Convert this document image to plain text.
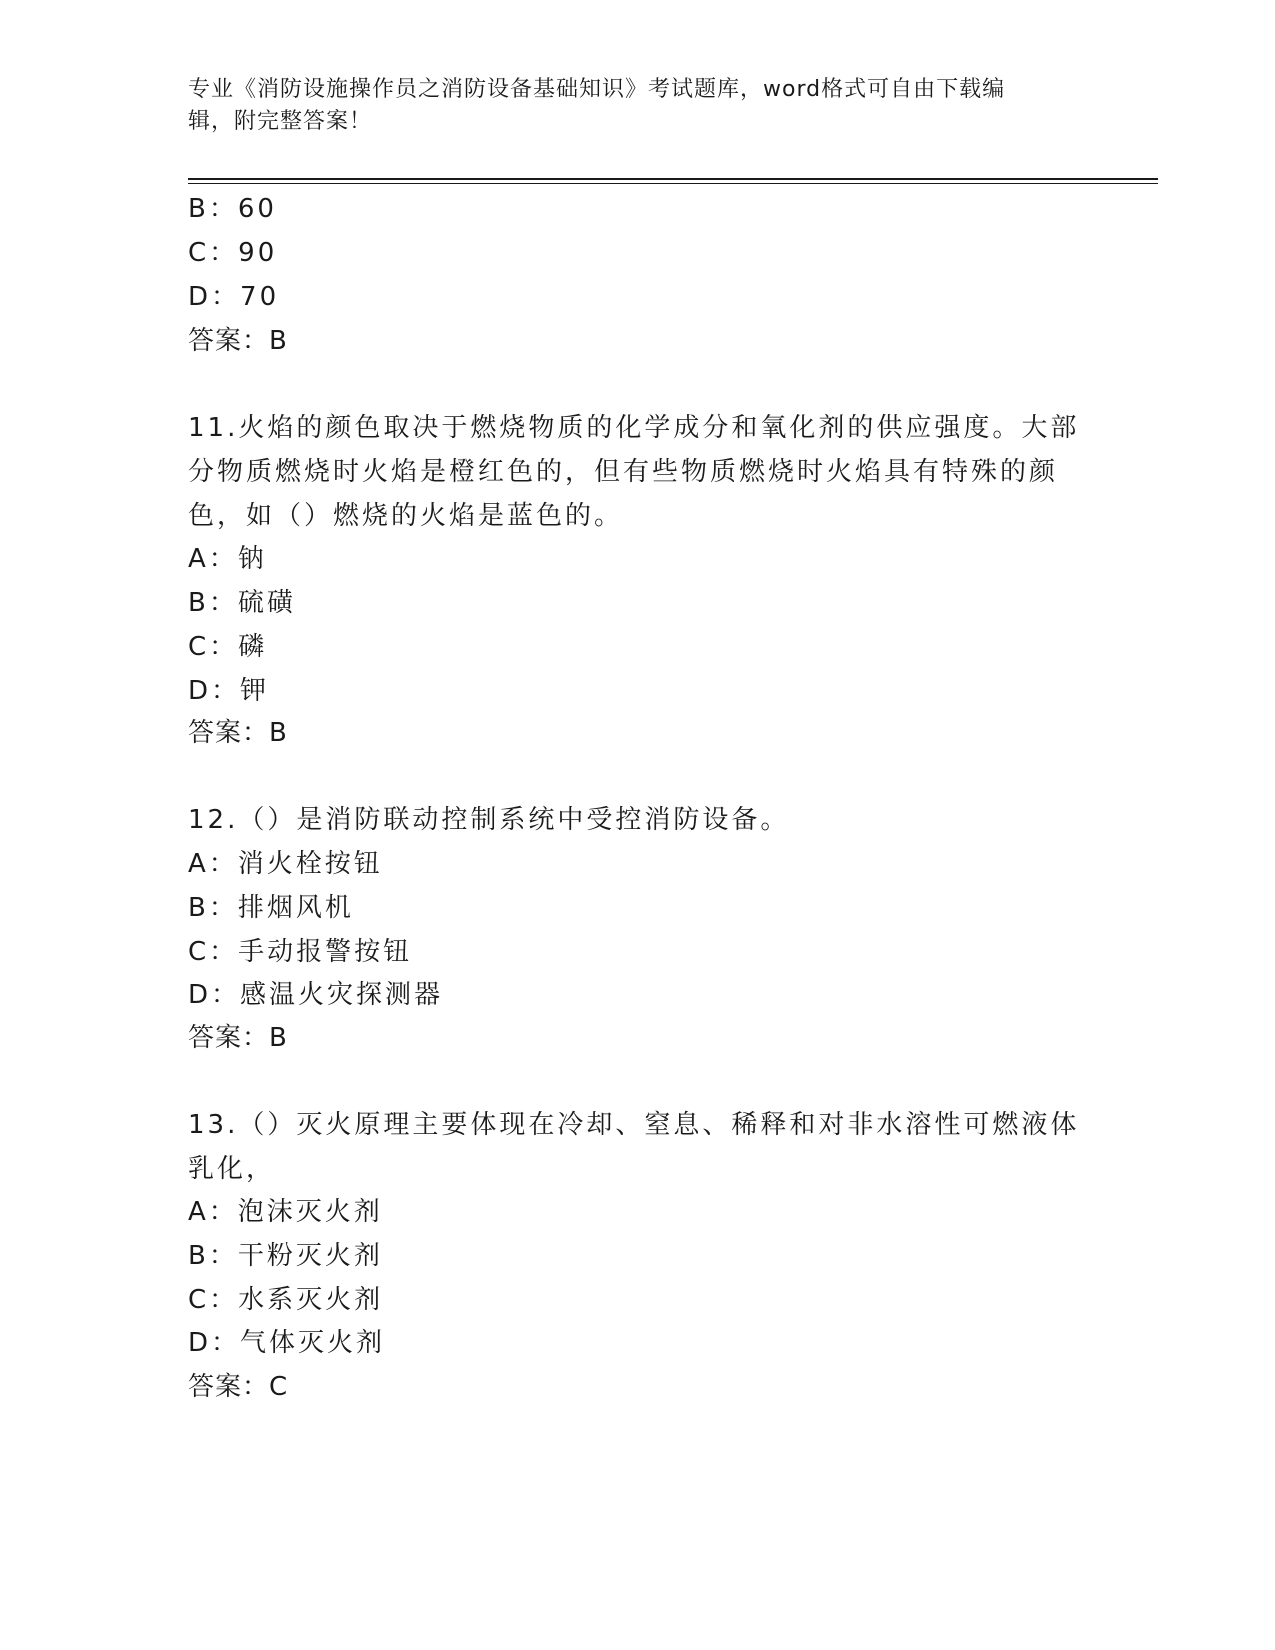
专业《消防设施操作员之消防设备基础知识》考试题库，word格式可自由下载编
辑，附完整答案！
B：60
C：90
D：70
答案：B
11.火焰的颜色取决于燃烧物质的化学成分和氧化剂的供应强度。大部
分物质燃烧时火焰是橙红色的，但有些物质燃烧时火焰具有特殊的颜
色，如（）燃烧的火焰是蓝色的。
A：钠
B：硫磺
C：磷
D：钾
答案：B
12.（）是消防联动控制系统中受控消防设备。
A：消火栓按钮
B：排烟风机
C：手动报警按钮
D：感温火灾探测器
答案：B
13.（）灭火原理主要体现在冷却、窒息、稀释和对非水溶性可燃液体
乳化，
A：泡沫灭火剂
B：干粉灭火剂
C：水系灭火剂
D：气体灭火剂
答案：C
